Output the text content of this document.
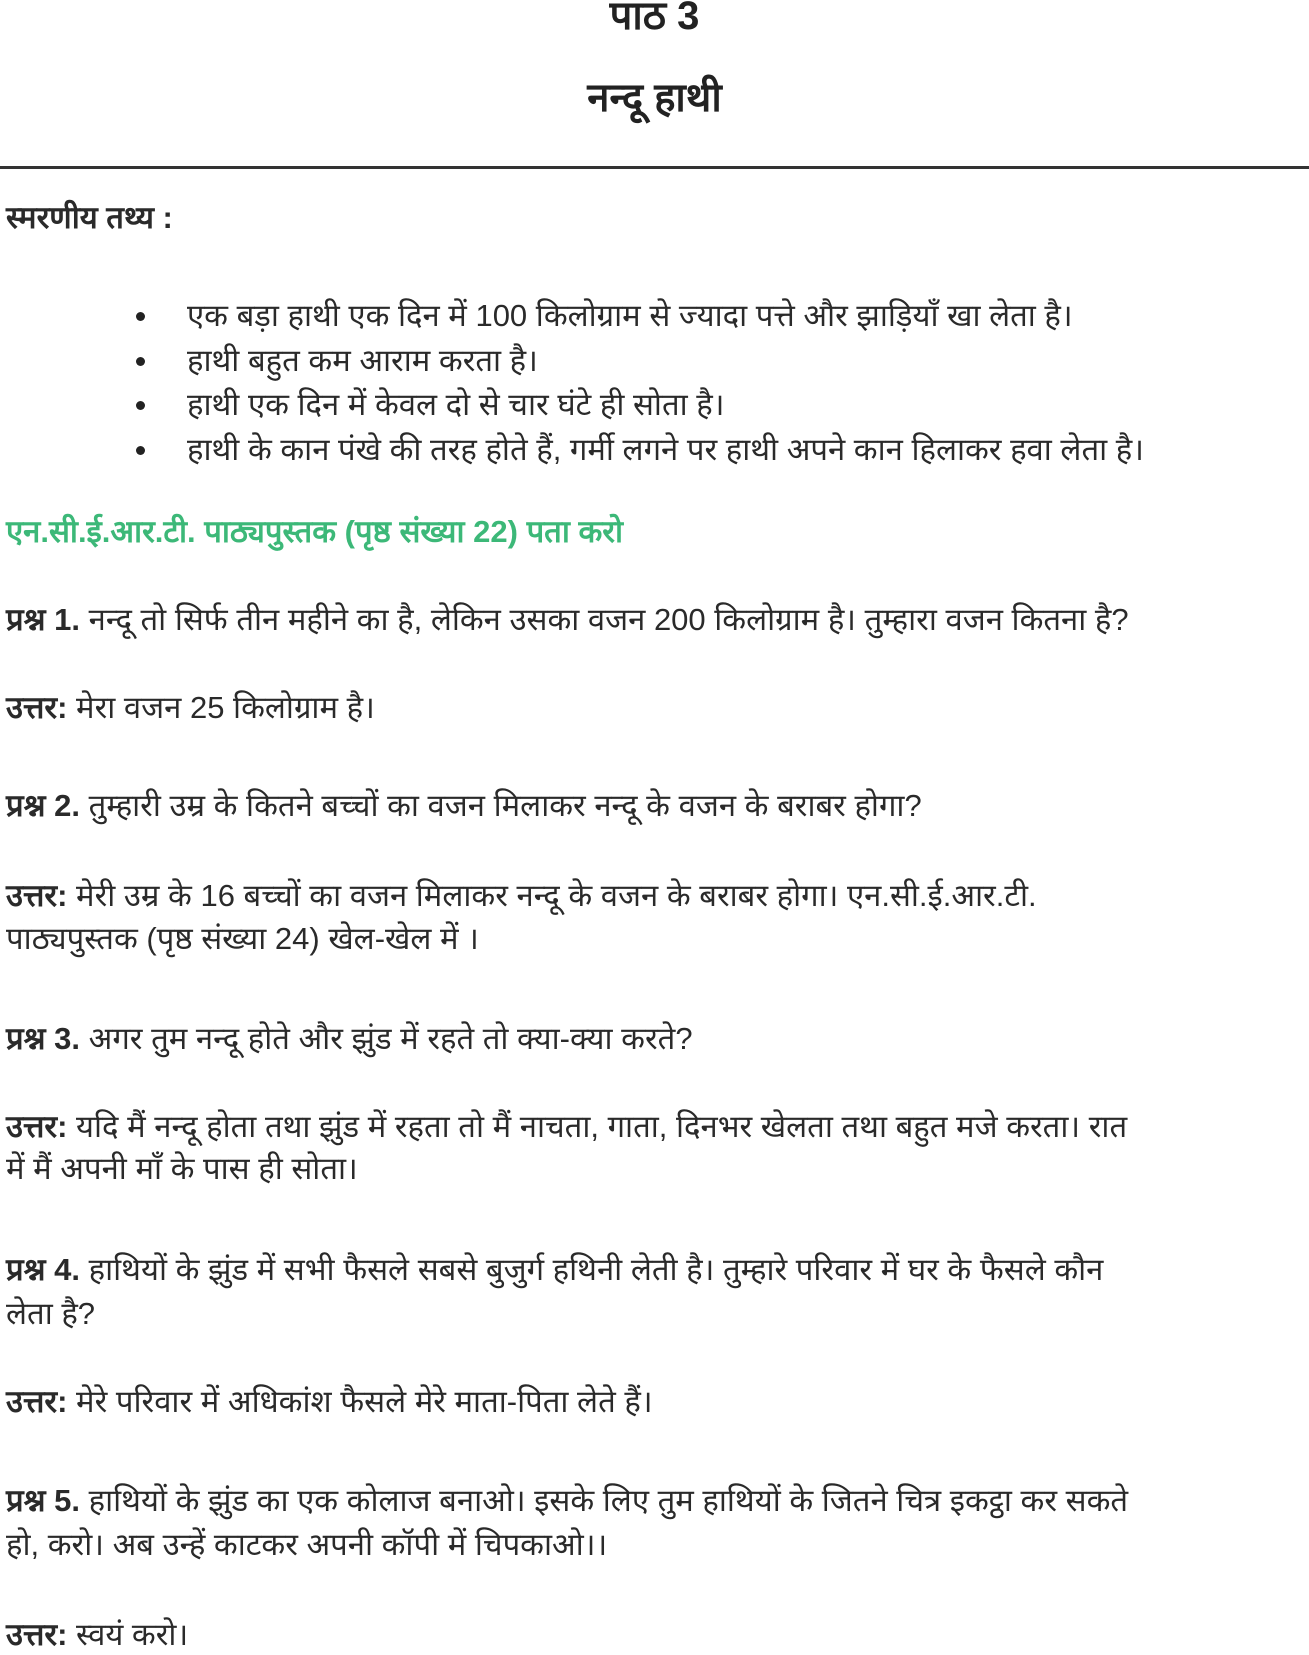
पाठ 3
नन्दू हाथी
स्मरणीय तथ्य :
एक बड़ा हाथी एक दिन में 100 किलोग्राम से ज्यादा पत्ते और झाड़ियाँ खा लेता है।
हाथी बहुत कम आराम करता है।
हाथी एक दिन में केवल दो से चार घंटे ही सोता है।
हाथी के कान पंखे की तरह होते हैं, गर्मी लगने पर हाथी अपने कान हिलाकर हवा लेता है।
एन.सी.ई.आर.टी. पाठ्यपुस्तक (पृष्ठ संख्या 22) पता करो
प्रश्न 1. नन्दू तो सिर्फ तीन महीने का है, लेकिन उसका वजन 200 किलोग्राम है। तुम्हारा वजन कितना है?
उत्तर: मेरा वजन 25 किलोग्राम है।
प्रश्न 2. तुम्हारी उम्र के कितने बच्चों का वजन मिलाकर नन्दू के वजन के बराबर होगा?
उत्तर: मेरी उम्र के 16 बच्चों का वजन मिलाकर नन्दू के वजन के बराबर होगा। एन.सी.ई.आर.टी.
पाठ्यपुस्तक (पृष्ठ संख्या 24) खेल-खेल में ।
प्रश्न 3. अगर तुम नन्दू होते और झुंड में रहते तो क्या-क्या करते?
उत्तर: यदि मैं नन्दू होता तथा झुंड में रहता तो मैं नाचता, गाता, दिनभर खेलता तथा बहुत मजे करता। रात
में मैं अपनी माँ के पास ही सोता।
प्रश्न 4. हाथियों के झुंड में सभी फैसले सबसे बुजुर्ग हथिनी लेती है। तुम्हारे परिवार में घर के फैसले कौन
लेता है?
उत्तर: मेरे परिवार में अधिकांश फैसले मेरे माता-पिता लेते हैं।
प्रश्न 5. हाथियों के झुंड का एक कोलाज बनाओ। इसके लिए तुम हाथियों के जितने चित्र इकट्ठा कर सकते
हो, करो। अब उन्हें काटकर अपनी कॉपी में चिपकाओ।।
उत्तर: स्वयं करो।
